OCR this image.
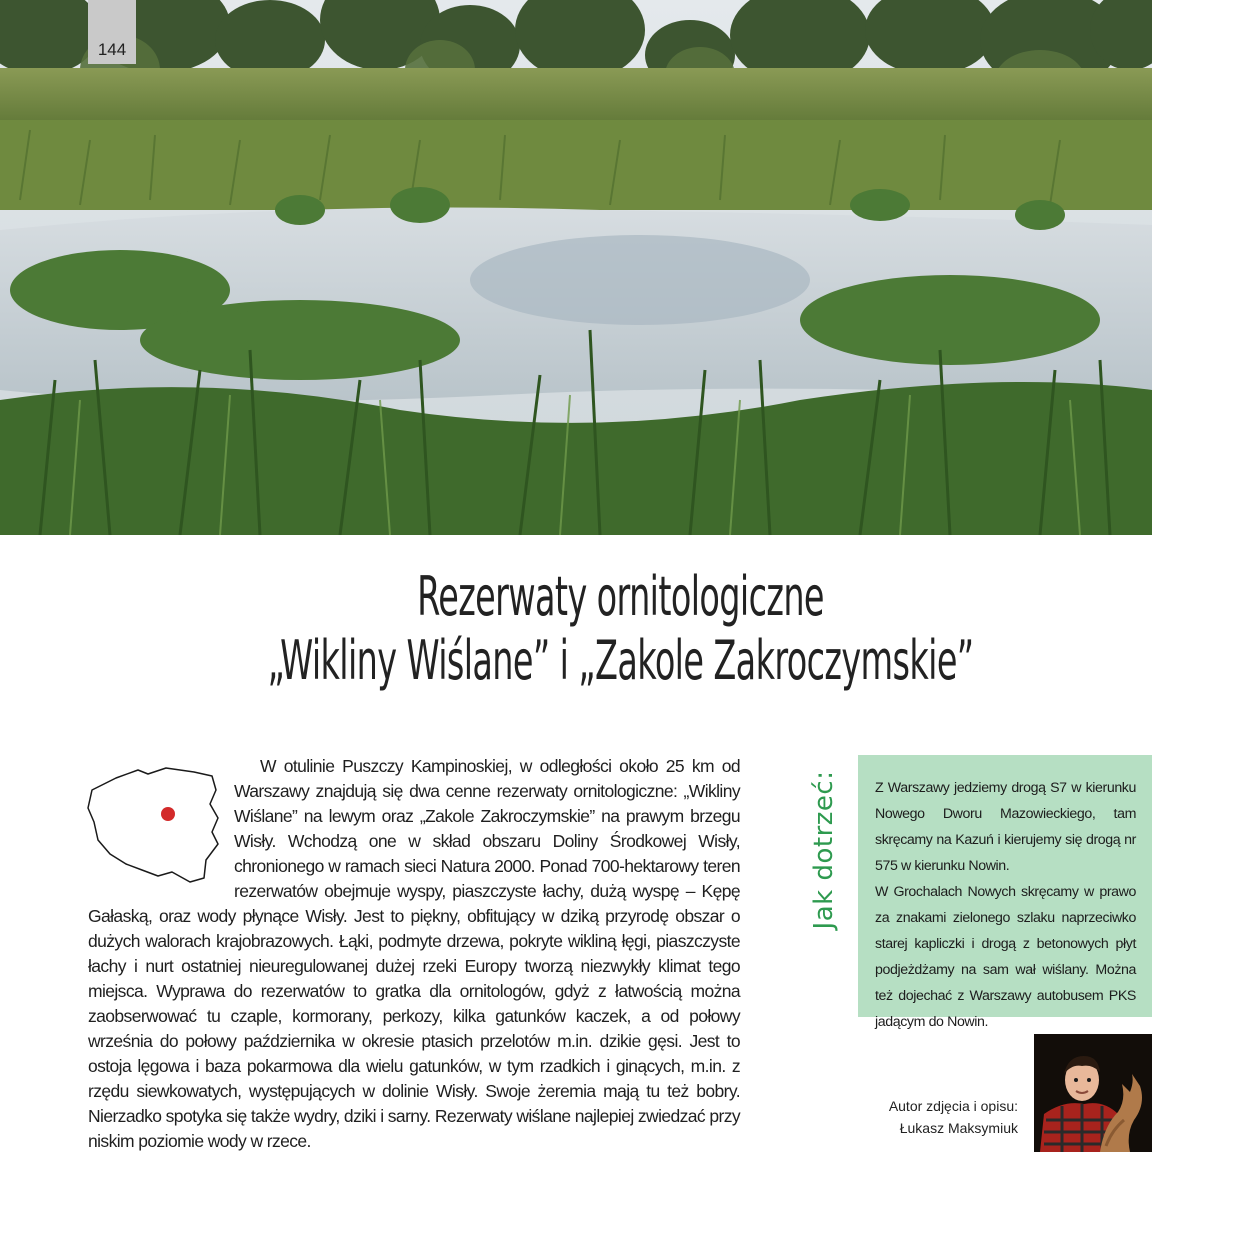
144
Rezerwaty ornitologiczne
„Wikliny Wiślane” i „Zakole Zakroczymskie”

W otulinie Puszczy Kampinoskiej, w odległości około 25 km od Warszawy znajdują się dwa cenne rezerwaty ornitologiczne: „Wikliny Wiślane” na lewym oraz „Zakole Zakroczymskie” na prawym brzegu Wisły. Wchodzą one w skład obszaru Doliny Środkowej Wisły, chronionego w ramach sieci Natura 2000. Ponad 700-hektarowy teren rezerwatów obejmuje wyspy, piaszczyste łachy, dużą wyspę – Kępę Gałaską, oraz wody płynące Wisły. Jest to piękny, obfitujący w dziką przyrodę obszar o dużych walorach krajobrazowych. Łąki, podmyte drzewa, pokryte wikliną łęgi, piaszczyste łachy i nurt ostatniej nieuregulowanej dużej rzeki Europy tworzą niezwykły klimat tego miejsca. Wyprawa do rezerwatów to gratka dla ornitologów, gdyż z łatwością można zaobserwować tu czaple, kormorany, perkozy, kilka gatunków kaczek, a od połowy września do połowy października w okresie ptasich przelotów m.in. dzikie gęsi. Jest to ostoja lęgowa i baza pokarmowa dla wielu gatunków, w tym rzadkich i ginących, m.in. z rzędu siewkowatych, występujących w dolinie Wisły. Swoje żeremia mają tu też bobry. Nierzadko spotyka się także wydry, dziki i sarny. Rezerwaty wiślane najlepiej zwiedzać przy niskim poziomie wody w rzece.

Jak dotrzeć:	Z Warszawy jedziemy drogą S7 w kierunku Nowego Dworu Mazowieckiego, tam skręcamy na Kazuń i kierujemy się drogą nr 575 w kierunku Nowin.

W Grochalach Nowych skręcamy w prawo za znakami zielonego szlaku naprzeciwko starej kapliczki i drogą z betonowych płyt podjeżdżamy na sam wał wiślany. Można też dojechać z Warszawy autobusem PKS jadącym do Nowin.

Autor zdjęcia i opisu:
Łukasz Maksymiuk
